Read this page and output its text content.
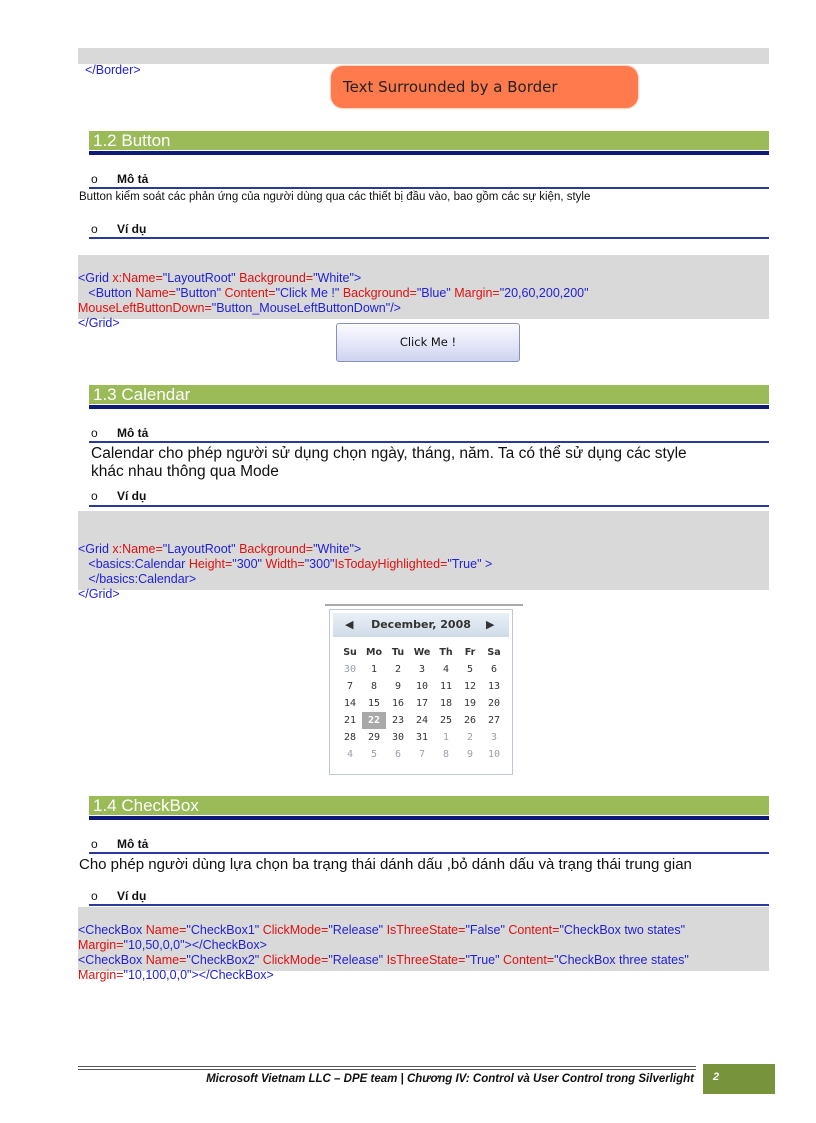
</Border>

Text Surrounded by a Border
1.2 Button
o Mô tả
Button kiểm soát các phản ứng của người dùng qua các thiết bị đầu vào, bao gồm các sự kiện, style
o Ví dụ

<Grid x:Name="LayoutRoot" Background="White">
<Button Name="Button" Content="Click Me !" Background="Blue" Margin="20,60,200,200"
MouseLeftButtonDown="Button_MouseLeftButtonDown"/>
</Grid>
Click Me !
1.3 Calendar
o Mô tả
Calendar cho phép người sử dụng chọn ngày, tháng, năm. Ta có thể sử dụng các style
khác nhau thông qua Mode
o Ví dụ

<Grid x:Name="LayoutRoot" Background="White">
<basics:Calendar Height="300" Width="300"IsTodayHighlighted="True" >
</basics:Calendar>
</Grid>
December, 2008
◀	▶
Su Mo	Tu	We Th	Fr	Sa
30	1	2	3	4	5	6
7	8	9	10	11	12	13
14	15	16	17	18	19	20
21	22	23	24	25	26	27
28	29	30	31	1	2	3
4	5	6	7	8	9	10
1.4 CheckBox
o Mô tả
Cho phép người dùng lựa chọn ba trạng thái dánh dấu ,bỏ dánh dấu và trạng thái trung gian
o Ví dụ

<CheckBox Name="CheckBox1" ClickMode="Release" IsThreeState="False" Content="CheckBox two states"
Margin="10,50,0,0"></CheckBox>
<CheckBox Name="CheckBox2" ClickMode="Release" IsThreeState="True" Content="CheckBox three states"
Margin="10,100,0,0"></CheckBox>
Microsoft Vietnam LLC – DPE team | Chương IV: Control và User Control trong Silverlight	2
